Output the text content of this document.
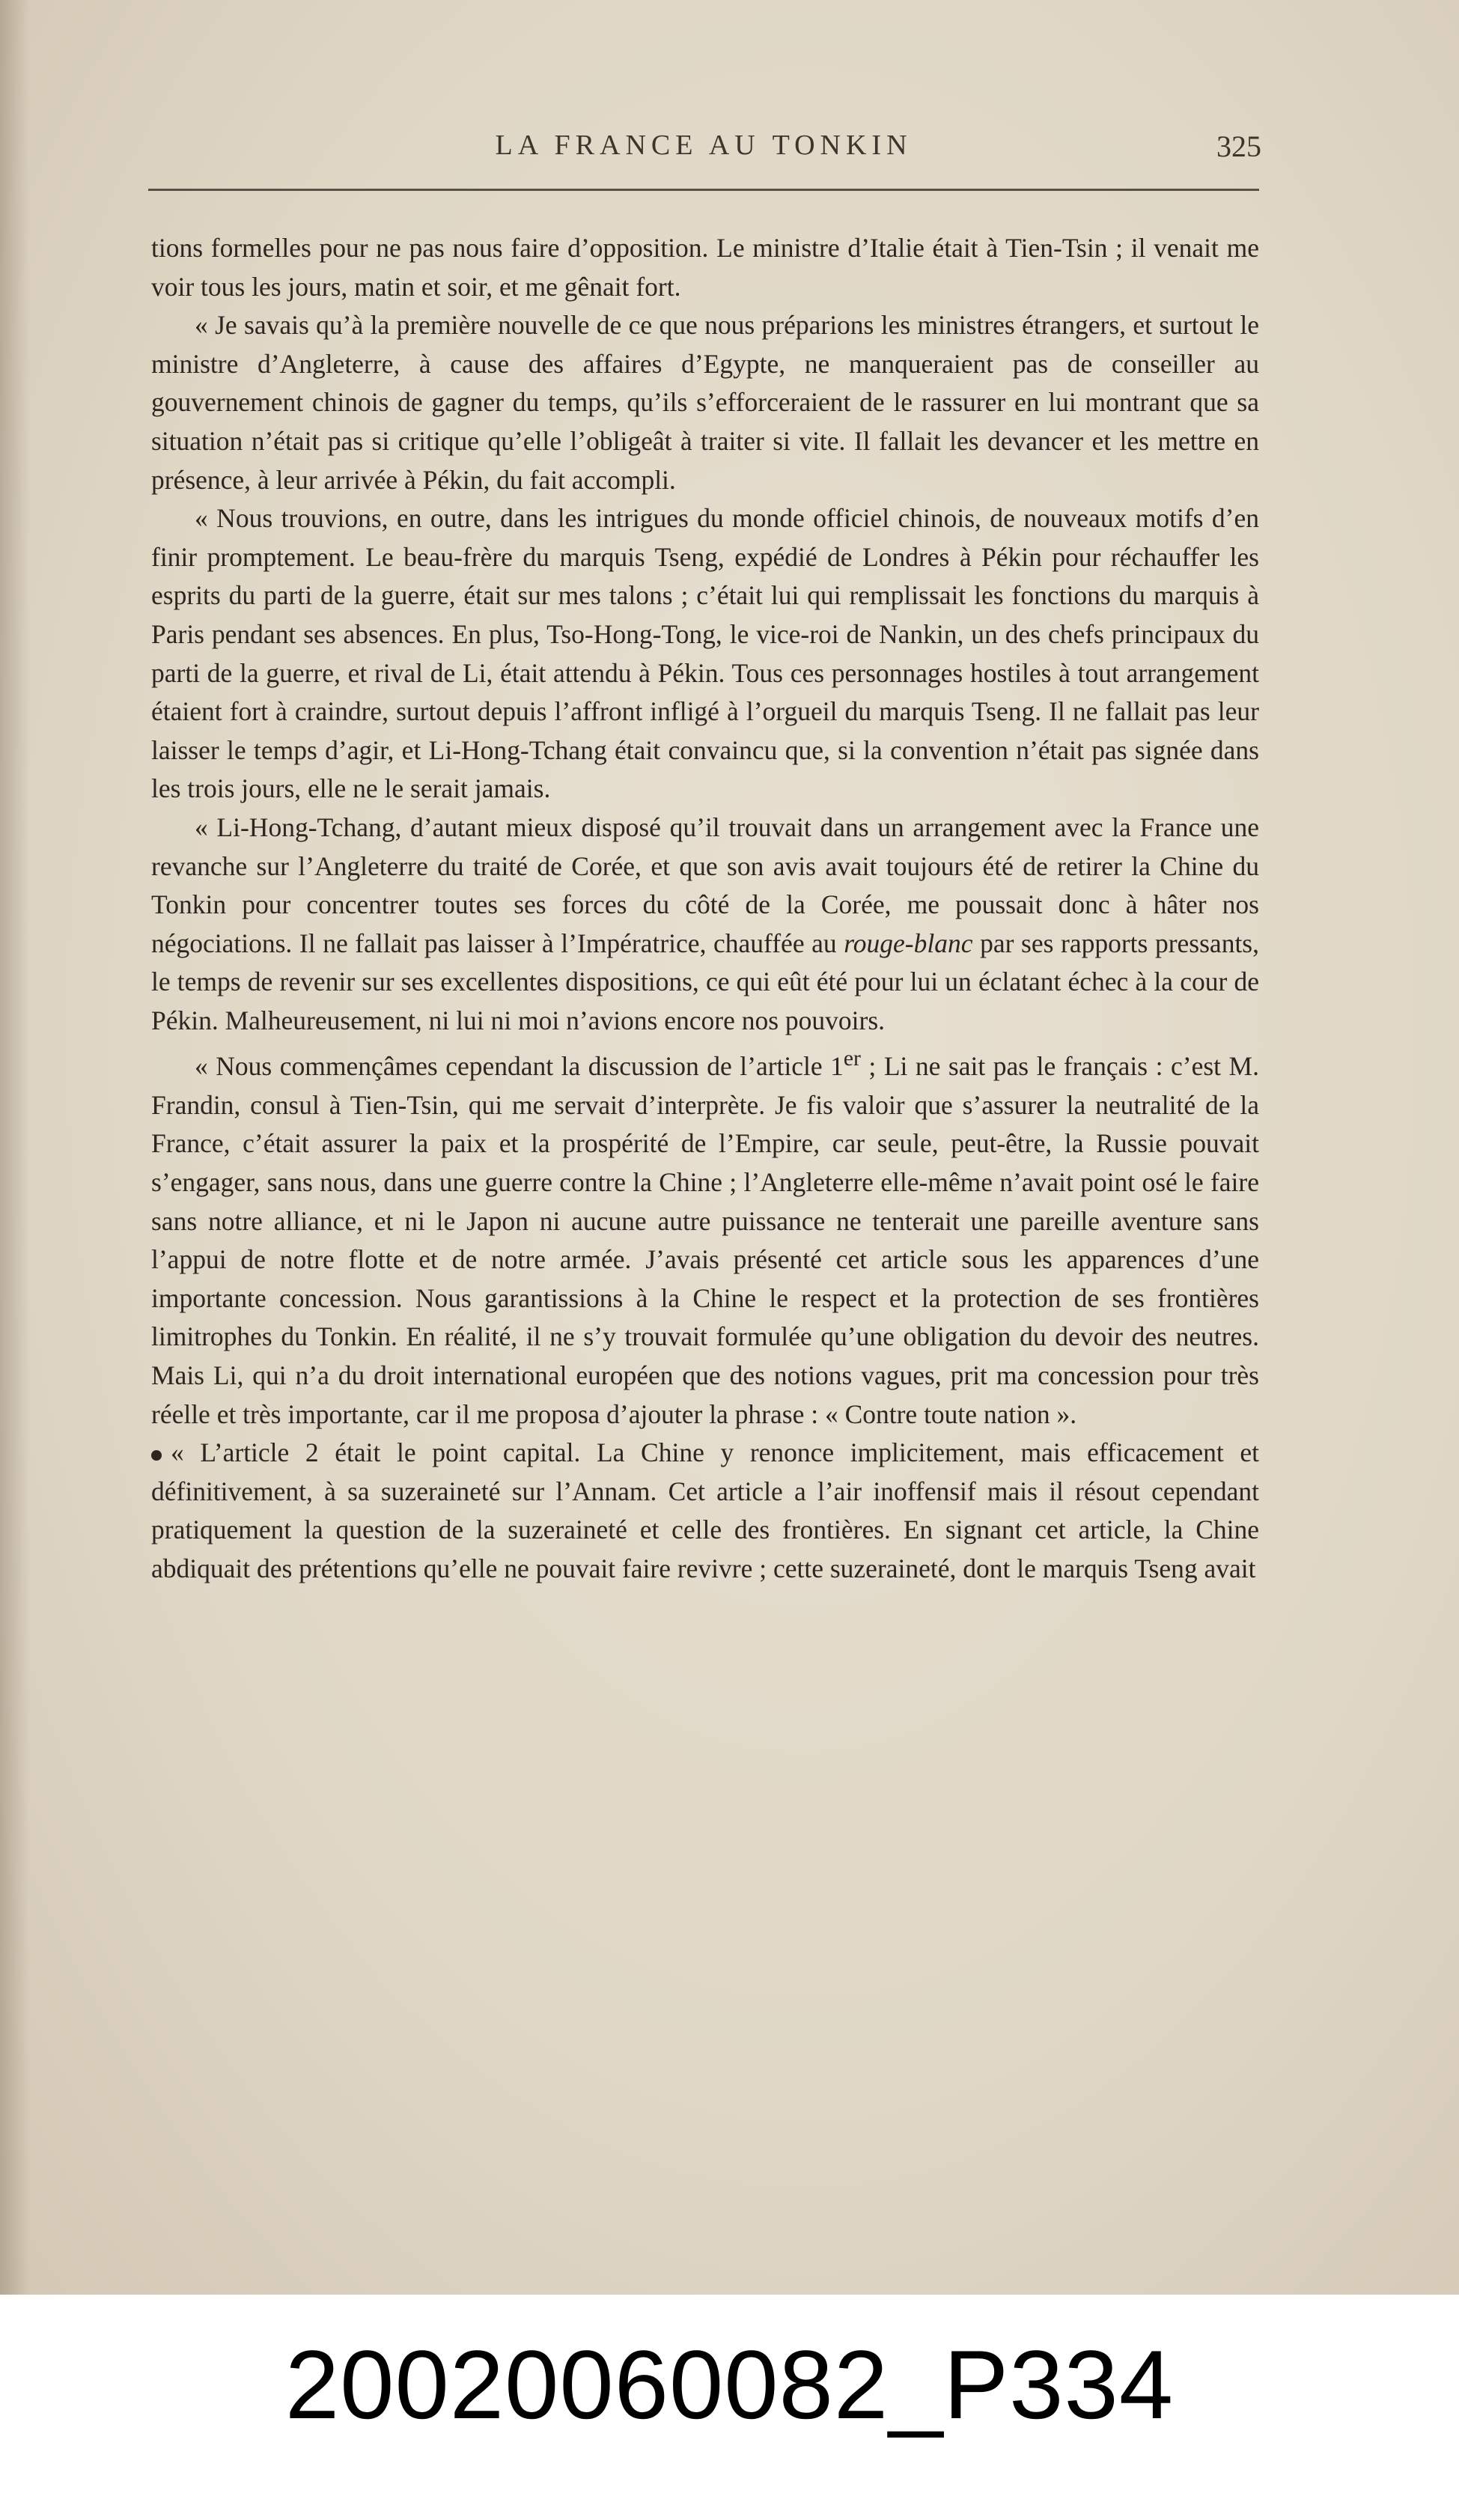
LA FRANCE AU TONKIN	325

tions formelles pour ne pas nous faire d’opposition. Le ministre d’Italie était à Tien-Tsin ; il venait me voir tous les jours, matin et soir, et me gênait fort.

« Je savais qu’à la première nouvelle de ce que nous préparions les ministres étrangers, et surtout le ministre d’Angleterre, à cause des affaires d’Egypte, ne manqueraient pas de conseiller au gouvernement chinois de gagner du temps, qu’ils s’efforceraient de le rassurer en lui montrant que sa situation n’était pas si critique qu’elle l’obligeât à traiter si vite. Il fallait les devancer et les mettre en présence, à leur arrivée à Pékin, du fait accompli.

« Nous trouvions, en outre, dans les intrigues du monde officiel chinois, de nouveaux motifs d’en finir promptement. Le beau-frère du marquis Tseng, expédié de Londres à Pékin pour réchauffer les esprits du parti de la guerre, était sur mes talons ; c’était lui qui remplissait les fonctions du marquis à Paris pendant ses absences. En plus, Tso-Hong-Tong, le vice-roi de Nankin, un des chefs principaux du parti de la guerre, et rival de Li, était attendu à Pékin. Tous ces personnages hostiles à tout arrangement étaient fort à craindre, surtout depuis l’affront infligé à l’orgueil du marquis Tseng. Il ne fallait pas leur laisser le temps d’agir, et Li-Hong-Tchang était convaincu que, si la convention n’était pas signée dans les trois jours, elle ne le serait jamais.

« Li-Hong-Tchang, d’autant mieux disposé qu’il trouvait dans un arrangement avec la France une revanche sur l’Angleterre du traité de Corée, et que son avis avait toujours été de retirer la Chine du Tonkin pour concentrer toutes ses forces du côté de la Corée, me poussait donc à hâter nos négociations. Il ne fallait pas laisser à l’Impératrice, chauffée au rouge-blanc par ses rapports pressants, le temps de revenir sur ses excellentes dispositions, ce qui eût été pour lui un éclatant échec à la cour de Pékin. Malheureusement, ni lui ni moi n’avions encore nos pouvoirs.

« Nous commençâmes cependant la discussion de l’article 1er ; Li ne sait pas le français : c’est M. Frandin, consul à Tien-Tsin, qui me servait d’interprète. Je fis valoir que s’assurer la neutralité de la France, c’était assurer la paix et la prospérité de l’Empire, car seule, peut-être, la Russie pouvait s’engager, sans nous, dans une guerre contre la Chine ; l’Angleterre elle-même n’avait point osé le faire sans notre alliance, et ni le Japon ni aucune autre puissance ne tenterait une pareille aventure sans l’appui de notre flotte et de notre armée. J’avais présenté cet article sous les apparences d’une importante concession. Nous garantissions à la Chine le respect et la protection de ses frontières limitrophes du Tonkin. En réalité, il ne s’y trouvait formulée qu’une obligation du devoir des neutres. Mais Li, qui n’a du droit international européen que des notions vagues, prit ma concession pour très réelle et très importante, car il me proposa d’ajouter la phrase : « Contre toute nation ».

« L’article 2 était le point capital. La Chine y renonce implicitement, mais efficacement et définitivement, à sa suzeraineté sur l’Annam. Cet article a l’air inoffensif mais il résout cependant pratiquement la question de la suzeraineté et celle des frontières. En signant cet article, la Chine abdiquait des prétentions qu’elle ne pouvait faire revivre ; cette suzeraineté, dont le marquis Tseng avait

20020060082_P334
